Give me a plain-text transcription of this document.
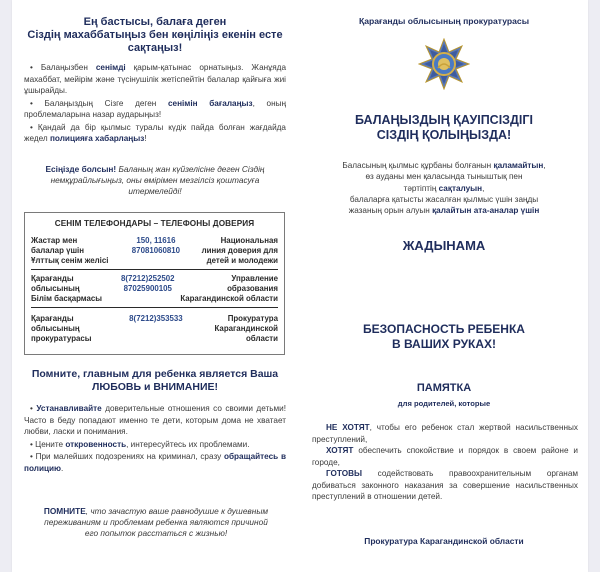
Ең бастысы, балаға деген
Сіздің махаббатыңыз бен көңіліңіз екенін есте
сақтаңыз!
• Балаңызбен сенімді қарым-қатынас орнатыңыз. Жанұяда махаббат, мейірім және түсiнушiлiк жетiспейтiн балалар қайғыға жиі ұшырайды.
• Балаңыздың Сізге деген сенімін бағалаңыз, оның проблемаларына назар аударыңыз!
• Қандай да бір қылмыс туралы күдік пайда болған жағдайда жедел полицияға хабарлаңыз!
Есіңізде болсын! Баланың жан күйзелісіне деген Сіздің немқұрайлығыңыз, оны өмірімен мезгілсіз қоштасуға итермелейді!
СЕНІМ ТЕЛЕФОНДАРЫ – ТЕЛЕФОНЫ ДОВЕРИЯ
Жастар мен
балалар үшін
Ұлттық сенім желісі
150, 11616
87081060810
Национальная
линия доверия для
детей и молодежи
Қарағанды
облысының
Білім басқармасы
8(7212)252502
87025900105
Управление
образования
Карагандинской области
Қарағанды
облысының
прокуратурасы
8(7212)353533	Прокуратура
Карагандинской
области
Помните, главным для ребенка является Ваша
ЛЮБОВЬ и ВНИМАНИЕ!
• Устанавливайте доверительные отношения со своими детьми! Часто в беду попадают именно те дети, которым дома не хватает любви, ласки и понимания.
• Цените откровенность, интересуйтесь их проблемами.
• При малейших подозрениях на криминал, сразу обращайтесь в полицию.
ПОМНИТЕ, что зачастую ваше равнодушие к душевным переживаниям и проблемам ребенка являются причиной его попыток расстаться с жизнью!
Қарағанды облысының прокуратурасы
БАЛАҢЫЗДЫҢ ҚАУІПСІЗДІГІ
СІЗДІҢ ҚОЛЫҢЫЗДА!
Баласының қылмыс құрбаны болғанын қаламайтын,
өз ауданы мен қаласында тыныштық пен
тәртіптің сақталуын,
балаларға қатысты жасалған қылмыс үшін заңды
жазаның орын алуын қалайтын ата-аналар үшін
ЖАДЫНАМА
БЕЗОПАСНОСТЬ РЕБЕНКА
В ВАШИХ РУКАХ!
ПАМЯТКА
для родителей, которые
НЕ ХОТЯТ, чтобы его ребенок стал жертвой насильственных преступлений,
ХОТЯТ обеспечить спокойствие и порядок в своем районе и городе,
ГОТОВЫ содействовать правоохранительным органам добиваться законного наказания за совершение насильственных преступлений в отношении детей.
Прокуратура Карагандинской области
